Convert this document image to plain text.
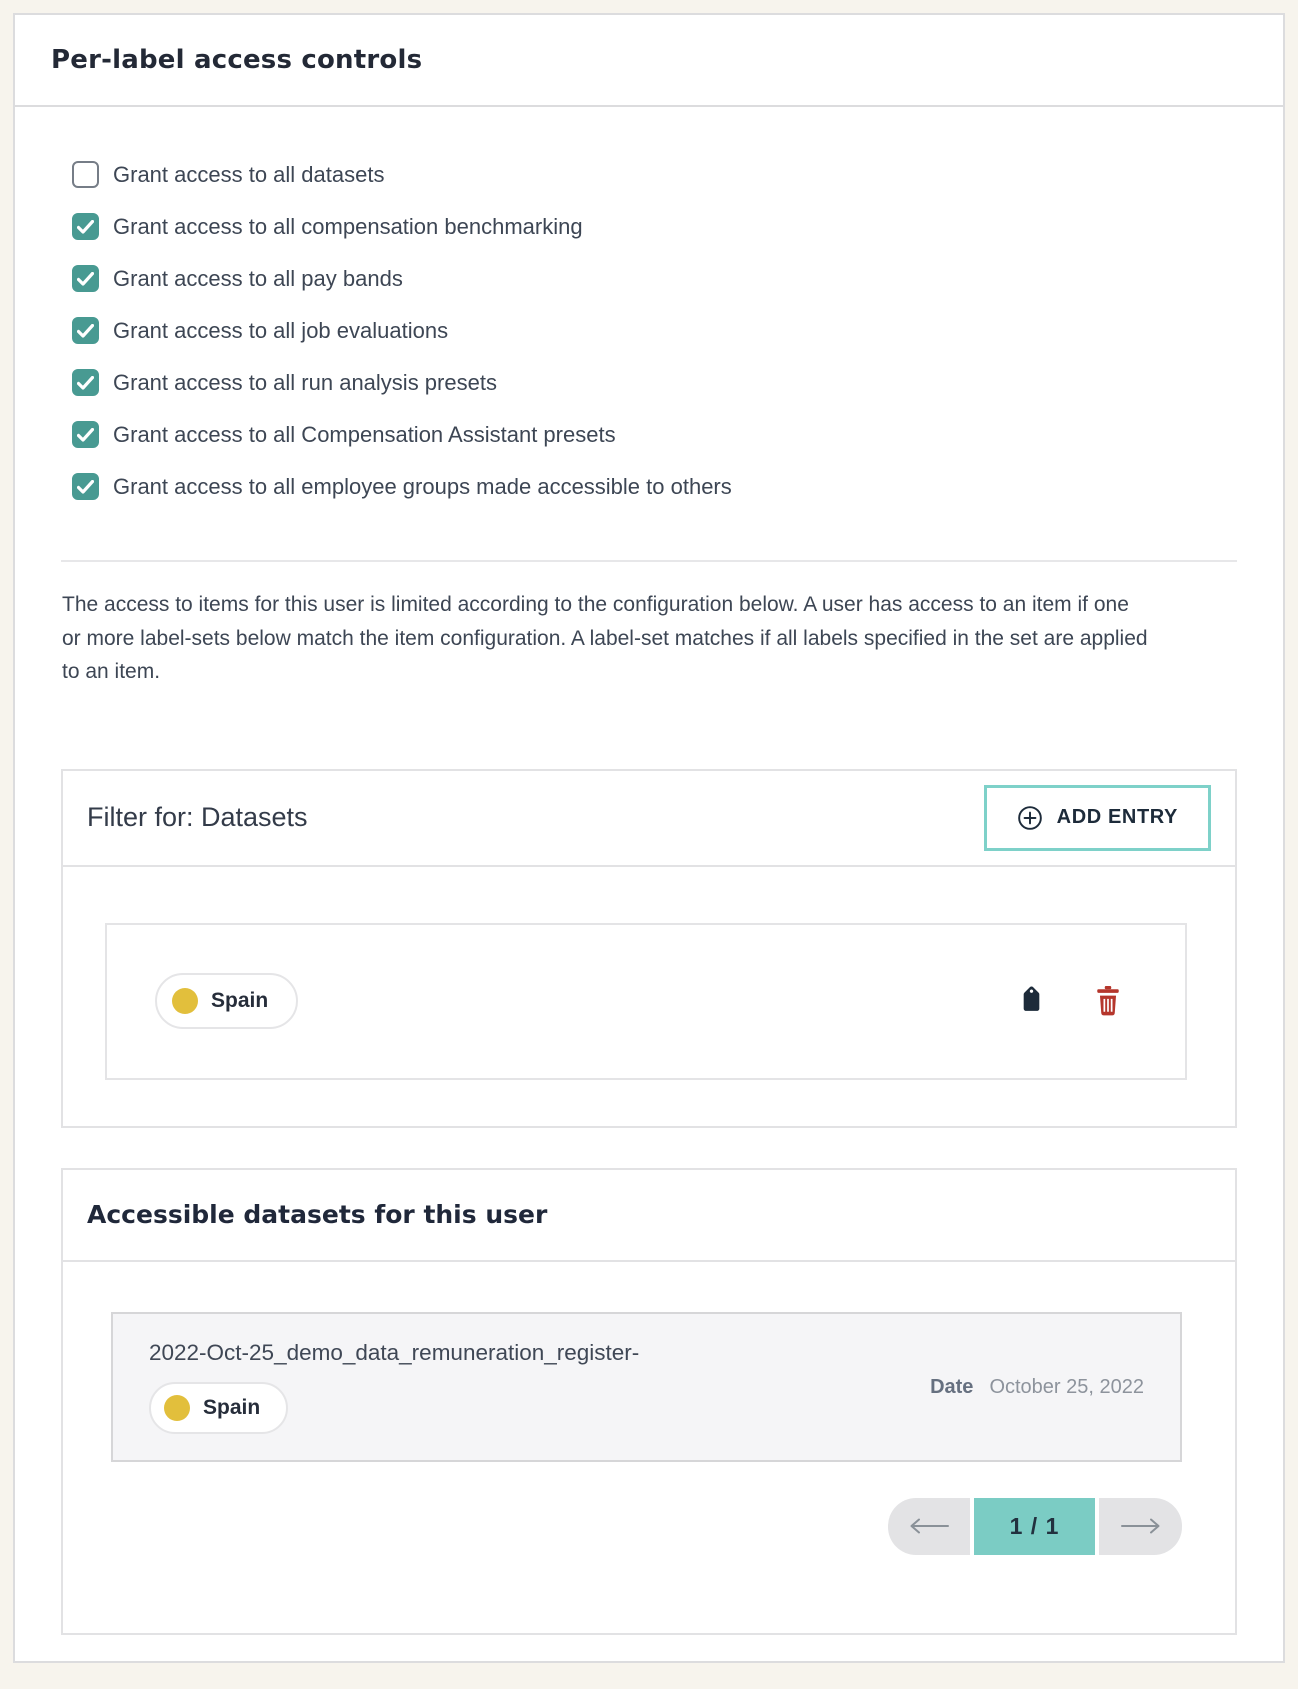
Per-label access controls
Grant access to all datasets
Grant access to all compensation benchmarking
Grant access to all pay bands
Grant access to all job evaluations
Grant access to all run analysis presets
Grant access to all Compensation Assistant presets
Grant access to all employee groups made accessible to others

The access to items for this user is limited according to the configuration below. A user has access to an item if one or more label-sets below match the item configuration. A label-set matches if all labels specified in the set are applied to an item.

Filter for: Datasets	ADD ENTRY
Spain
Accessible datasets for this user
2022-Oct-25_demo_data_remuneration_register-
Date October 25, 2022
Spain
1 / 1
